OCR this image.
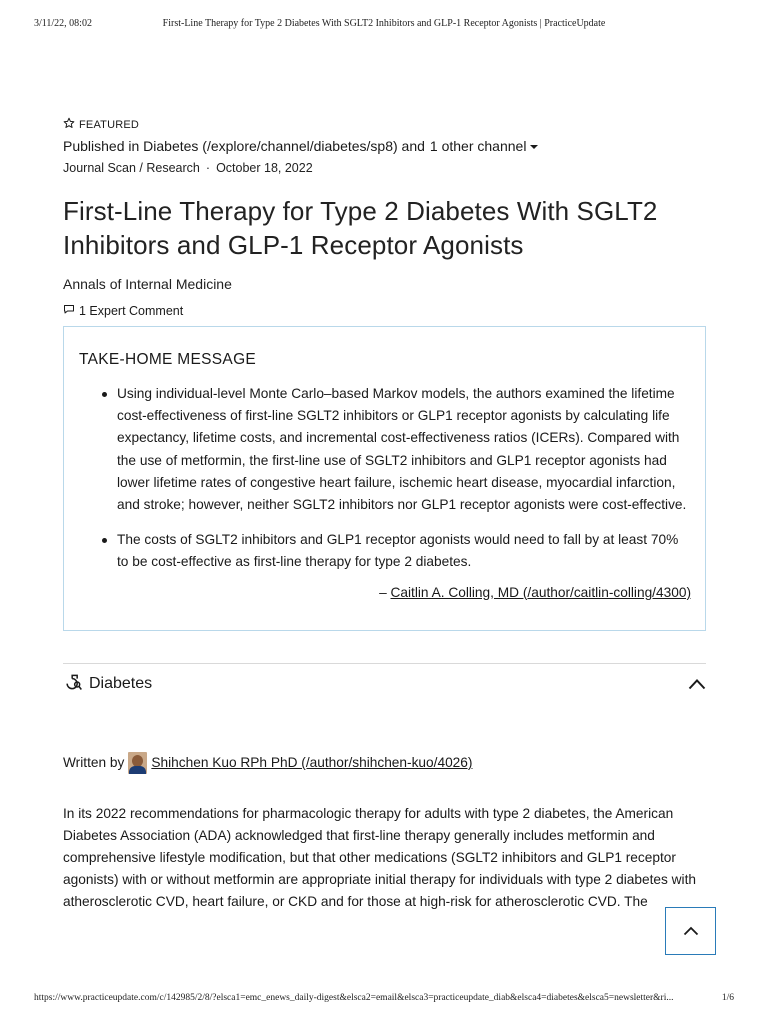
3/11/22, 08:02	First-Line Therapy for Type 2 Diabetes With SGLT2 Inhibitors and GLP-1 Receptor Agonists | PracticeUpdate
FEATURED
Published in Diabetes (/explore/channel/diabetes/sp8) and 1 other channel
Journal Scan / Research · October 18, 2022
First-Line Therapy for Type 2 Diabetes With SGLT2 Inhibitors and GLP-1 Receptor Agonists
Annals of Internal Medicine
1 Expert Comment
TAKE-HOME MESSAGE
Using individual-level Monte Carlo–based Markov models, the authors examined the lifetime cost-effectiveness of first-line SGLT2 inhibitors or GLP1 receptor agonists by calculating life expectancy, lifetime costs, and incremental cost-effectiveness ratios (ICERs). Compared with the use of metformin, the first-line use of SGLT2 inhibitors and GLP1 receptor agonists had lower lifetime rates of congestive heart failure, ischemic heart disease, myocardial infarction, and stroke; however, neither SGLT2 inhibitors nor GLP1 receptor agonists were cost-effective.
The costs of SGLT2 inhibitors and GLP1 receptor agonists would need to fall by at least 70% to be cost-effective as first-line therapy for type 2 diabetes.
– Caitlin A. Colling, MD (/author/caitlin-colling/4300)
Diabetes
Written by Shihchen Kuo RPh PhD (/author/shihchen-kuo/4026)

In its 2022 recommendations for pharmacologic therapy for adults with type 2 diabetes, the American Diabetes Association (ADA) acknowledged that first-line therapy generally includes metformin and comprehensive lifestyle modification, but that other medications (SGLT2 inhibitors and GLP1 receptor agonists) with or without metformin are appropriate initial therapy for individuals with type 2 diabetes with atherosclerotic CVD, heart failure, or CKD and for those at high-risk for atherosclerotic CVD. The

https://www.practiceupdate.com/c/142985/2/8/?elsca1=emc_enews_daily-digest&elsca2=email&elsca3=practiceupdate_diab&elsca4=diabetes&elsca5=newsletter&ri...	1/6
